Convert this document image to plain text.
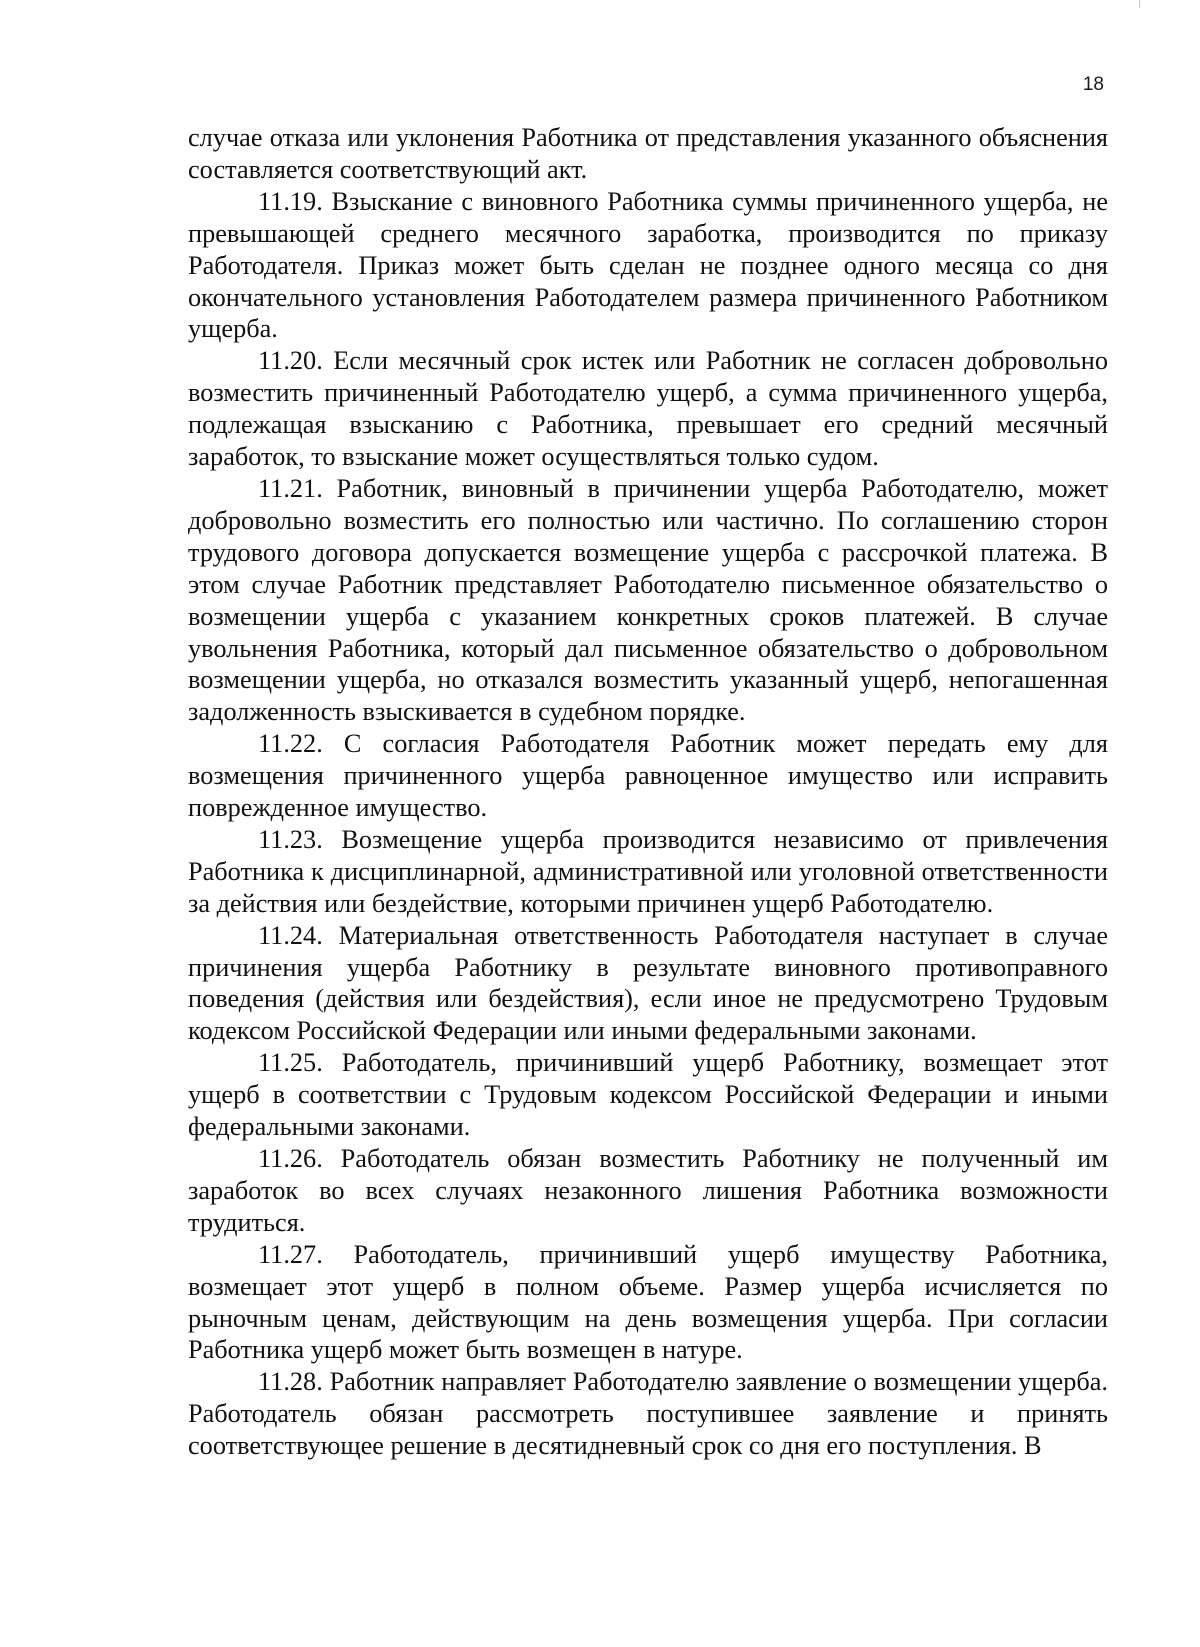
18

случае отказа или уклонения Работника от представления указанного объяснения составляется соответствующий акт.

11.19. Взыскание с виновного Работника суммы причиненного ущерба, не превышающей среднего месячного заработка, производится по приказу Работодателя. Приказ может быть сделан не позднее одного месяца со дня окончательного установления Работодателем размера причиненного Работником ущерба.

11.20. Если месячный срок истек или Работник не согласен добровольно возместить причиненный Работодателю ущерб, а сумма причиненного ущерба, подлежащая взысканию с Работника, превышает его средний месячный заработок, то взыскание может осуществляться только судом.

11.21. Работник, виновный в причинении ущерба Работодателю, может добровольно возместить его полностью или частично. По соглашению сторон трудового договора допускается возмещение ущерба с рассрочкой платежа. В этом случае Работник представляет Работодателю письменное обязательство о возмещении ущерба с указанием конкретных сроков платежей. В случае увольнения Работника, который дал письменное обязательство о добровольном возмещении ущерба, но отказался возместить указанный ущерб, непогашенная задолженность взыскивается в судебном порядке.

11.22. С согласия Работодателя Работник может передать ему для возмещения причиненного ущерба равноценное имущество или исправить поврежденное имущество.

11.23. Возмещение ущерба производится независимо от привлечения Работника к дисциплинарной, административной или уголовной ответственности за действия или бездействие, которыми причинен ущерб Работодателю.

11.24. Материальная ответственность Работодателя наступает в случае причинения ущерба Работнику в результате виновного противоправного поведения (действия или бездействия), если иное не предусмотрено Трудовым кодексом Российской Федерации или иными федеральными законами.

11.25. Работодатель, причинивший ущерб Работнику, возмещает этот ущерб в соответствии с Трудовым кодексом Российской Федерации и иными федеральными законами.

11.26. Работодатель обязан возместить Работнику не полученный им заработок во всех случаях незаконного лишения Работника возможности трудиться.

11.27. Работодатель, причинивший ущерб имуществу Работника, возмещает этот ущерб в полном объеме. Размер ущерба исчисляется по рыночным ценам, действующим на день возмещения ущерба. При согласии Работника ущерб может быть возмещен в натуре.

11.28. Работник направляет Работодателю заявление о возмещении ущерба. Работодатель обязан рассмотреть поступившее заявление и принять соответствующее решение в десятидневный срок со дня его поступления. В
